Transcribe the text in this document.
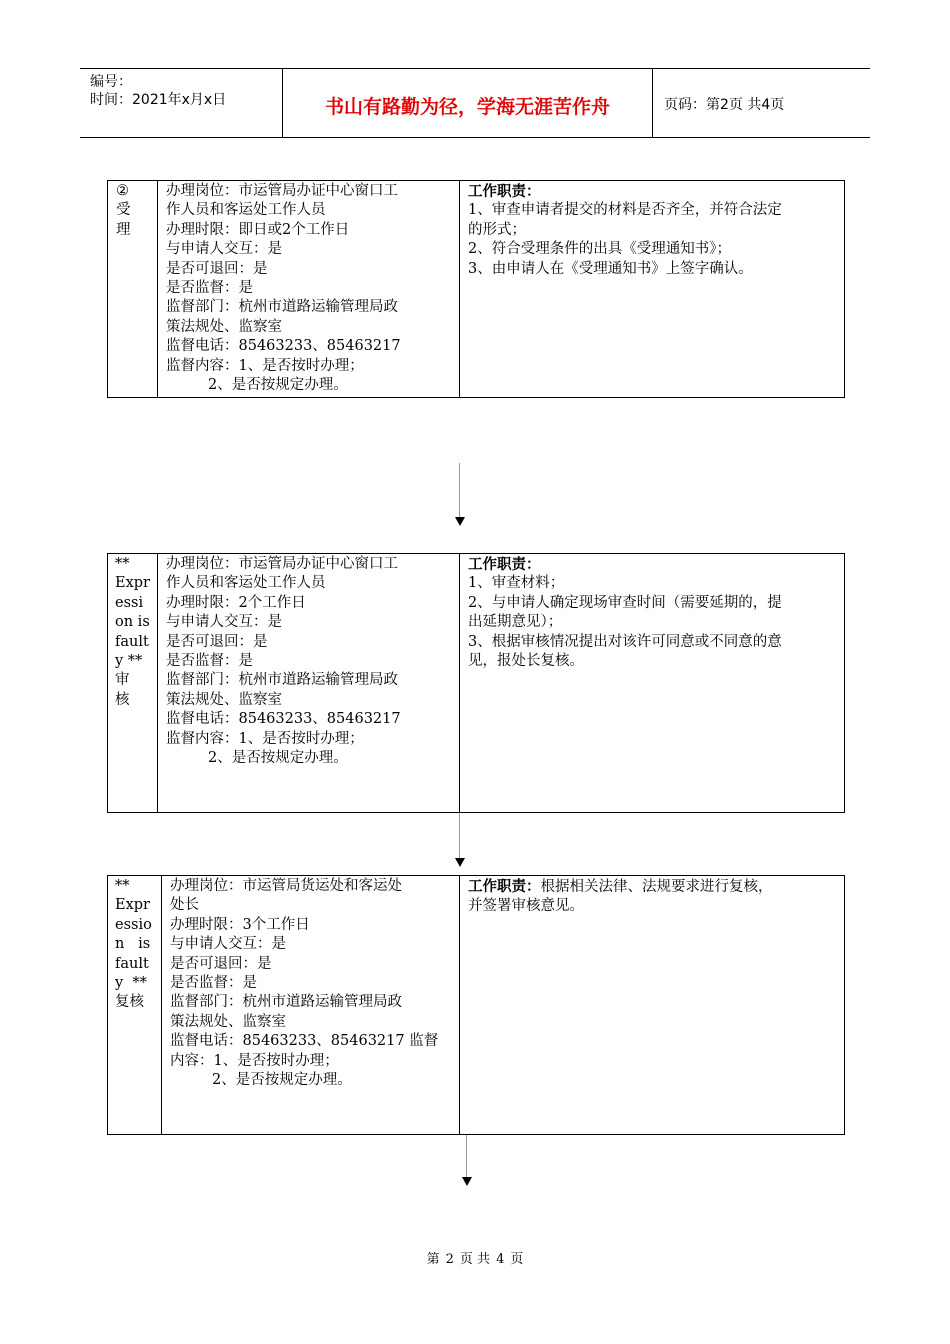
编号：
时间：2021年x月x日	书山有路勤为径，学海无涯苦作舟	页码：第2页 共4页
②
受
理
办理岗位：市运管局办证中心窗口工
作人员和客运处工作人员
办理时限：即日或2个工作日
与申请人交互：是
是否可退回：是
是否监督：是
监督部门：杭州市道路运输管理局政
策法规处、监察室
监督电话：85463233、85463217
监督内容：1、是否按时办理；
2、是否按规定办理。
工作职责：
1、审查申请者提交的材料是否齐全，并符合法定
的形式；
2、符合受理条件的出具《受理通知书》；
3、由申请人在《受理通知书》上签字确认。
**
Expr
essi
on is
fault
y **
审
核
办理岗位：市运管局办证中心窗口工
作人员和客运处工作人员
办理时限：2个工作日
与申请人交互：是
是否可退回：是
是否监督：是
监督部门：杭州市道路运输管理局政
策法规处、监察室
监督电话：85463233、85463217
监督内容：1、是否按时办理；
2、是否按规定办理。
工作职责：
1、审查材料；
2、与申请人确定现场审查时间（需要延期的，提
出延期意见）；
3、根据审核情况提出对该许可同意或不同意的意
见，报处长复核。
**
Expr
essio
n   is
fault
y  **
复核
办理岗位：市运管局货运处和客运处
处长
办理时限：3个工作日
与申请人交互：是
是否可退回：是
是否监督：是
监督部门：杭州市道路运输管理局政
策法规处、监察室
监督电话：85463233、85463217 监督
内容：1、是否按时办理；
2、是否按规定办理。
工作职责：根据相关法律、法规要求进行复核，
并签署审核意见。
第 2 页 共 4 页
